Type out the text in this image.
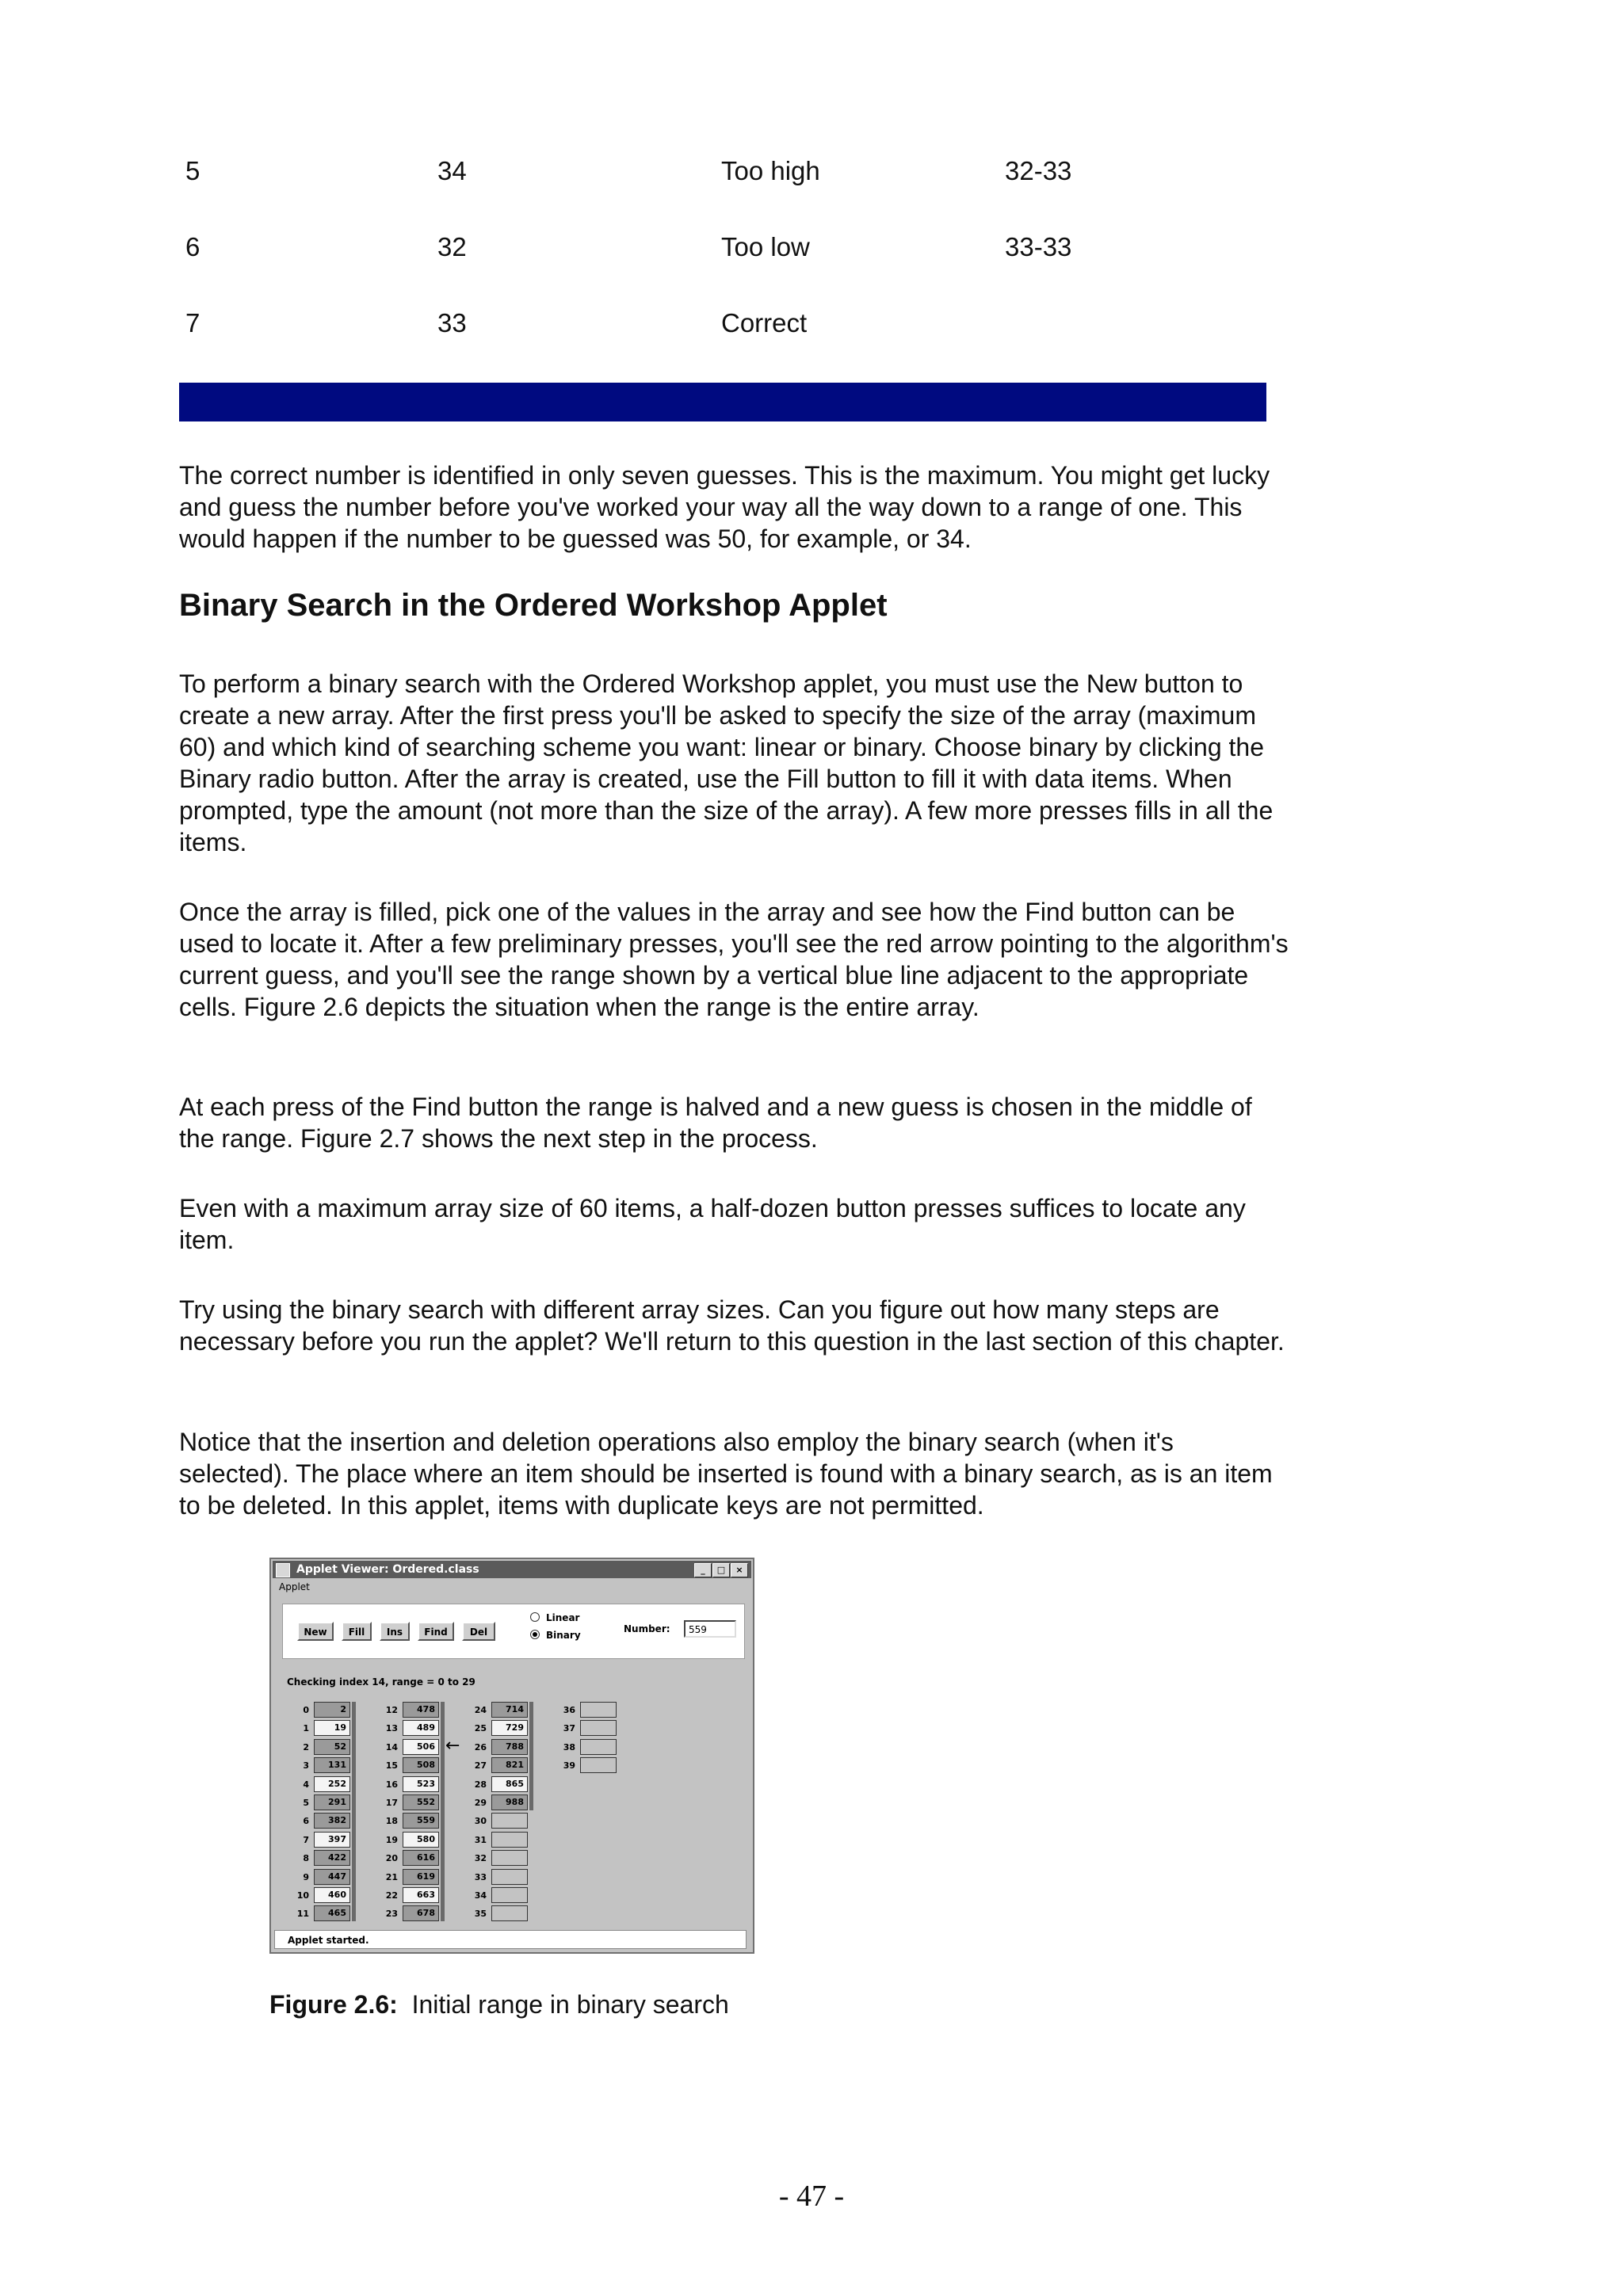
5	34	Too high	32-33
6	32	Too low	33-33
7	33	Correct

The correct number is identified in only seven guesses. This is the maximum. You might get lucky and guess the number before you've worked your way all the way down to a range of one. This would happen if the number to be guessed was 50, for example, or 34.

Binary Search in the Ordered Workshop Applet

To perform a binary search with the Ordered Workshop applet, you must use the New button to create a new array. After the first press you'll be asked to specify the size of the array (maximum 60) and which kind of searching scheme you want: linear or binary. Choose binary by clicking the Binary radio button. After the array is created, use the Fill button to fill it with data items. When prompted, type the amount (not more than the size of the array). A few more presses fills in all the items.

Once the array is filled, pick one of the values in the array and see how the Find button can be used to locate it. After a few preliminary presses, you'll see the red arrow pointing to the algorithm's current guess, and you'll see the range shown by a vertical blue line adjacent to the appropriate cells. Figure 2.6 depicts the situation when the range is the entire array.

At each press of the Find button the range is halved and a new guess is chosen in the middle of the range. Figure 2.7 shows the next step in the process.

Even with a maximum array size of 60 items, a half-dozen button presses suffices to locate any item.

Try using the binary search with different array sizes. Can you figure out how many steps are necessary before you run the applet? We'll return to this question in the last section of this chapter.

Notice that the insertion and deletion operations also employ the binary search (when it's selected). The place where an item should be inserted is found with a binary search, as is an item to be deleted. In this applet, items with duplicate keys are not permitted.

Applet Viewer: Ordered.class	_	□	×
Applet
New	Fill	Ins	Find	Del
Linear
Binary
Number:	559
Checking index 14, range = 0 to 29
0	2
1	19
2	52
3	131
4	252
5	291
6	382
7	397
8	422
9	447
10	460
11	465
12	478
13	489
14	506
15	508
16	523
17	552
18	559
19	580
20	616
21	619
22	663
23	678
24	714
25	729
26	788
27	821
28	865
29	988
30
31
32
33
34
35
36
37
38
39
←
Applet started.
Figure 2.6: Initial range in binary search
- 47 -
